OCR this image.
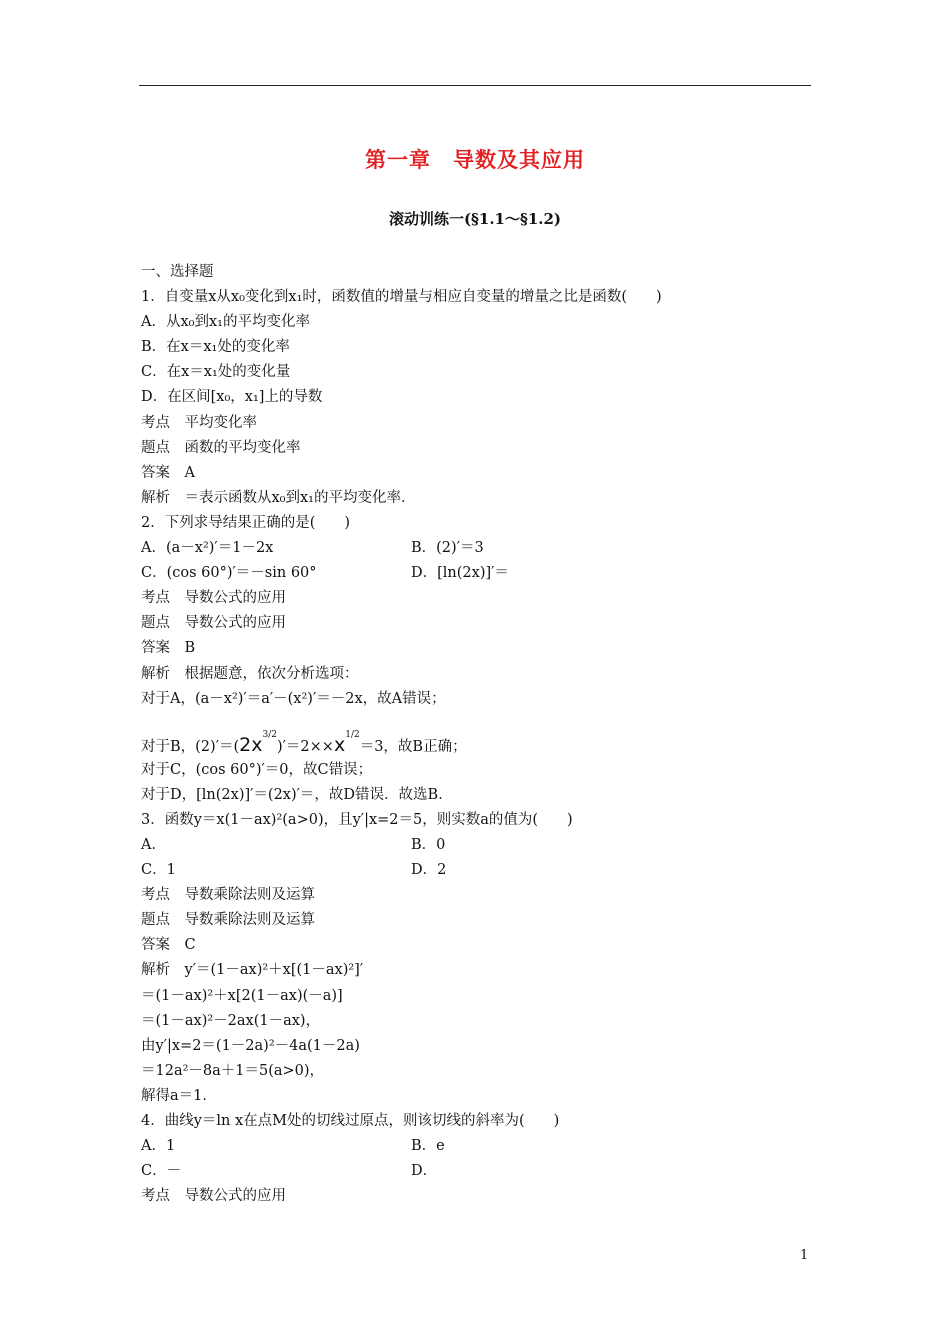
第一章　导数及其应用
滚动训练一(§1.1～§1.2)
一、选择题
1．自变量x从x₀变化到x₁时，函数值的增量与相应自变量的增量之比是函数(　　)
A．从x₀到x₁的平均变化率
B．在x＝x₁处的变化率
C．在x＝x₁处的变化量
D．在区间[x₀，x₁]上的导数
考点　平均变化率
题点　函数的平均变化率
答案　A
解析　＝表示函数从x₀到x₁的平均变化率．
2．下列求导结果正确的是(　　)
A．(a－x²)′＝1－2x	B．(2)′＝3
C．(cos 60°)′＝－sin 60°	D．[ln(2x)]′＝
考点　导数公式的应用
题点　导数公式的应用
答案　B
解析　根据题意，依次分析选项：
对于A，(a－x²)′＝a′－(x²)′＝－2x，故A错误；
对于B，$(2)'=(2x^{3/2})'=2\times\times x^{1/2}=3$，故B正确；
对于C，(cos 60°)′＝0，故C错误；
对于D，[ln(2x)]′＝(2x)′＝，故D错误．故选B．
3．函数y＝x(1－ax)²(a>0)，且y′|x=2＝5，则实数a的值为(　　)
A．	B．0
C．1	D．2
考点　导数乘除法则及运算
题点　导数乘除法则及运算
答案　C
解析　y′＝(1－ax)²＋x[(1－ax)²]′
＝(1－ax)²＋x[2(1－ax)(－a)]
＝(1－ax)²－2ax(1－ax)，
由y′|x=2＝(1－2a)²－4a(1－2a)
＝12a²－8a＋1＝5(a>0)，
解得a＝1．
4．曲线y＝ln x在点M处的切线过原点，则该切线的斜率为(　　)
A．1	B．e
C．－	D．
考点　导数公式的应用
1
